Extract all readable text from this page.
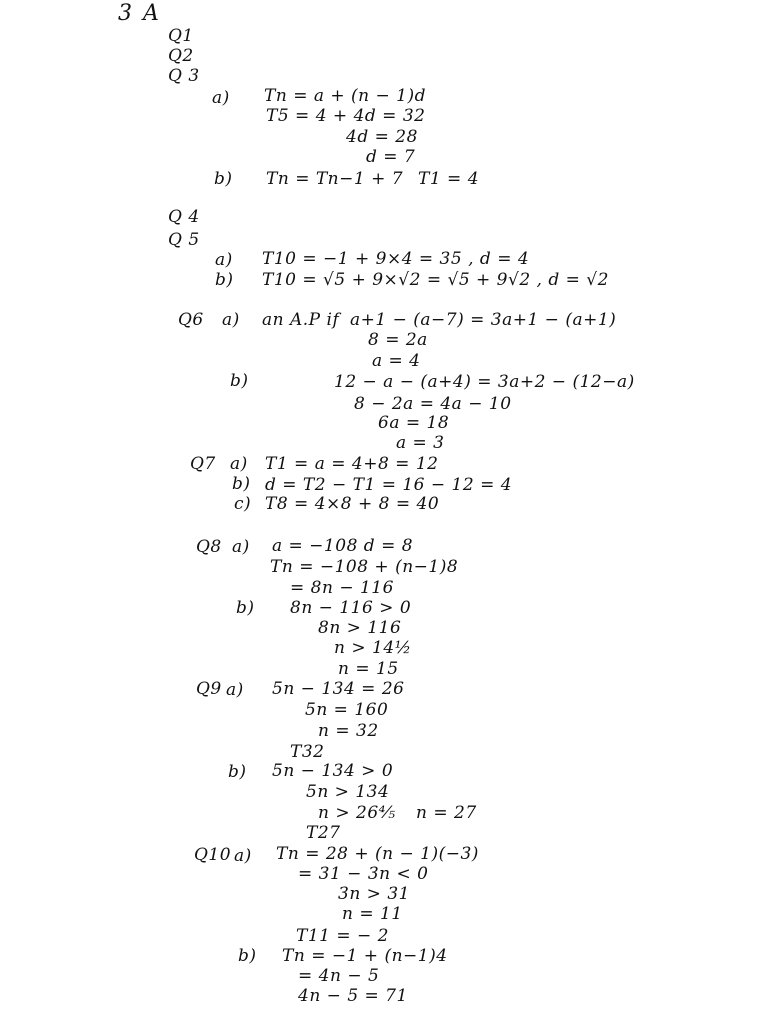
3 A
Q1
Q2
Q 3
a) Tn = a + (n − 1)d
T5 = 4 + 4d = 32
4d = 28
d = 7
b) Tn = Tn−1 + 7 T1 = 4
Q 4
Q 5
a) T10 = −1 + 9×4 = 35 , d = 4
b) T10 = √5 + 9×√2 = √5 + 9√2 , d = √2
Q6 a) an A.P if a+1 − (a−7) = 3a+1 − (a+1)
8 = 2a
a = 4
b)	12 − a − (a+4) = 3a+2 − (12−a)
8 − 2a = 4a − 10
6a = 18
a = 3
Q7 a) T1 = a = 4+8 = 12
b) d = T2 − T1 = 16 − 12 = 4
c) T8 = 4×8 + 8 = 40
Q8 a) a = −108 d = 8
Tn = −108 + (n−1)8
= 8n − 116
b) 8n − 116 > 0
8n > 116
n > 14½
n = 15
Q9 a) 5n − 134 = 26
5n = 160
n = 32
T32
b) 5n − 134 > 0
5n > 134
n > 26⅘ n = 27
T27
Q10 a) Tn = 28 + (n − 1)(−3)
= 31 − 3n < 0
3n > 31
n = 11
T11 = − 2
b) Tn = −1 + (n−1)4
= 4n − 5
4n − 5 = 71
